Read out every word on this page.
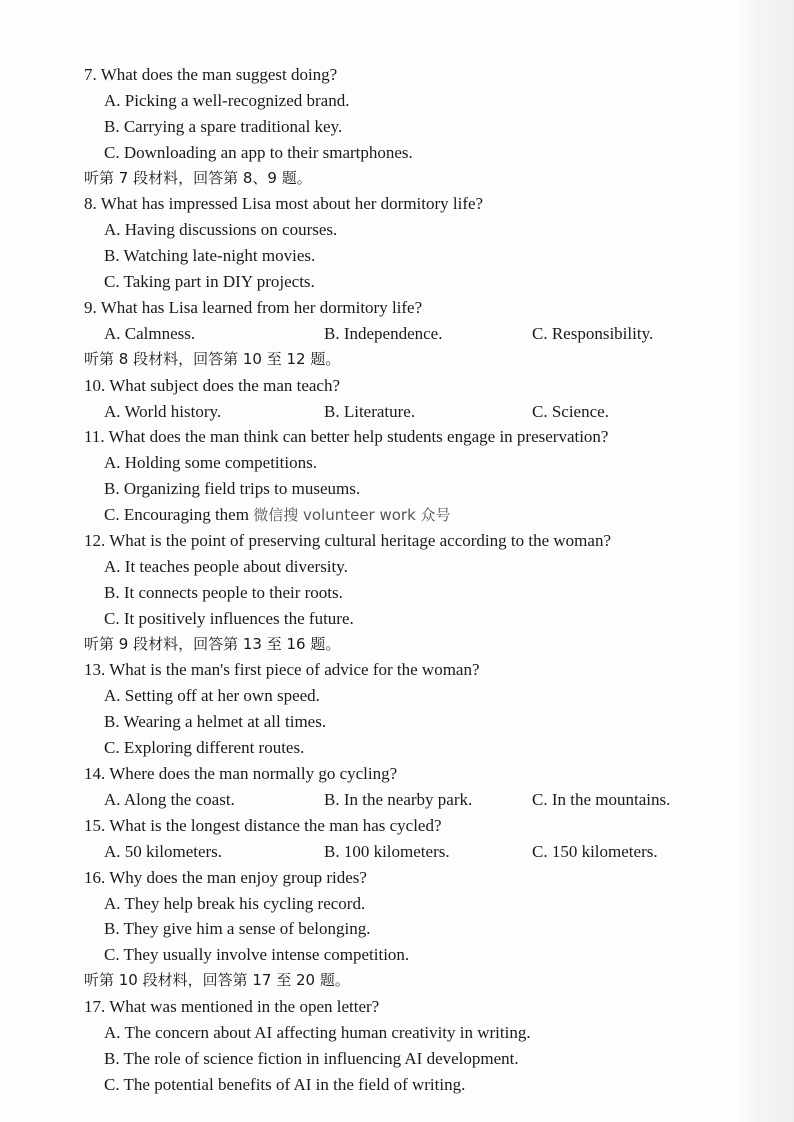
7. What does the man suggest doing?
A. Picking a well-recognized brand.
B. Carrying a spare traditional key.
C. Downloading an app to their smartphones.
听第 7 段材料，回答第 8、9 题。
8. What has impressed Lisa most about her dormitory life?
A. Having discussions on courses.
B. Watching late-night movies.
C. Taking part in DIY projects.
9. What has Lisa learned from her dormitory life?
A. Calmness.	B. Independence.	C. Responsibility.
听第 8 段材料，回答第 10 至 12 题。
10. What subject does the man teach?
A. World history.	B. Literature.	C. Science.
11. What does the man think can better help students engage in preservation?
A. Holding some competitions.
B. Organizing field trips to museums.
C. Encouraging them 微信搜 volunteer work 众号
12. What is the point of preserving cultural heritage according to the woman?
A. It teaches people about diversity.
B. It connects people to their roots.
C. It positively influences the future.
听第 9 段材料，回答第 13 至 16 题。
13. What is the man's first piece of advice for the woman?
A. Setting off at her own speed.
B. Wearing a helmet at all times.
C. Exploring different routes.
14. Where does the man normally go cycling?
A. Along the coast.	B. In the nearby park.	C. In the mountains.
15. What is the longest distance the man has cycled?
A. 50 kilometers.	B. 100 kilometers.	C. 150 kilometers.
16. Why does the man enjoy group rides?
A. They help break his cycling record.
B. They give him a sense of belonging.
C. They usually involve intense competition.
听第 10 段材料，回答第 17 至 20 题。
17. What was mentioned in the open letter?
A. The concern about AI affecting human creativity in writing.
B. The role of science fiction in influencing AI development.
C. The potential benefits of AI in the field of writing.
